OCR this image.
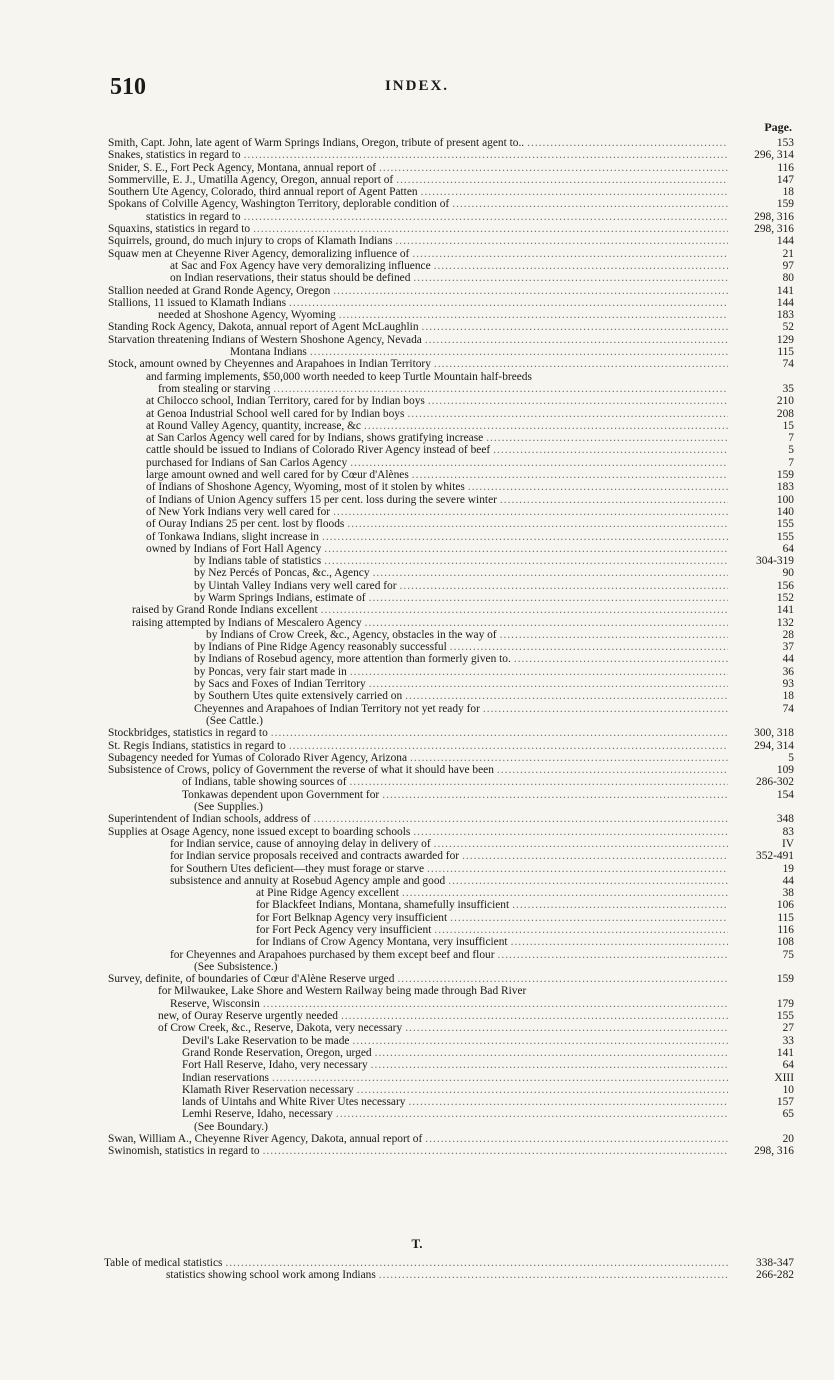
510	INDEX.
Page.
Smith, Capt. John, late agent of Warm Springs Indians, Oregon, tribute of present agent to.. .....	153
Snakes, statistics in regard to .....	296, 314
Snider, S. E., Fort Peck Agency, Montana, annual report of .....	116
Sommerville, E. J., Umatilla Agency, Oregon, annual report of .....	147
Southern Ute Agency, Colorado, third annual report of Agent Patten .....	18
Spokans of Colville Agency, Washington Territory, deplorable condition of .....	159
statistics in regard to .....	298, 316
Squaxins, statistics in regard to .....	298, 316
Squirrels, ground, do much injury to crops of Klamath Indians .....	144
Squaw men at Cheyenne River Agency, demoralizing influence of .....	21
at Sac and Fox Agency have very demoralizing influence .....	97
on Indian reservations, their status should be defined .....	80
Stallion needed at Grand Ronde Agency, Oregon .....	141
Stallions, 11 issued to Klamath Indians .....	144
needed at Shoshone Agency, Wyoming .....	183
Standing Rock Agency, Dakota, annual report of Agent McLaughlin .....	52
Starvation threatening Indians of Western Shoshone Agency, Nevada .....	129
Montana Indians .....	115
Stock, amount owned by Cheyennes and Arapahoes in Indian Territory .....	74
and farming implements, $50,000 worth needed to keep Turtle Mountain half-breeds
from stealing or starving .....	35
at Chilocco school, Indian Territory, cared for by Indian boys .....	210
at Genoa Industrial School well cared for by Indian boys .....	208
at Round Valley Agency, quantity, increase, &c .....	15
at San Carlos Agency well cared for by Indians, shows gratifying increase .....	7
cattle should be issued to Indians of Colorado River Agency instead of beef .....	5
purchased for Indians of San Carlos Agency .....	7
large amount owned and well cared for by Cœur d'Alènes .....	159
of Indians of Shoshone Agency, Wyoming, most of it stolen by whites .....	183
of Indians of Union Agency suffers 15 per cent. loss during the severe winter .....	100
of New York Indians very well cared for .....	140
of Ouray Indians 25 per cent. lost by floods .....	155
of Tonkawa Indians, slight increase in .....	155
owned by Indians of Fort Hall Agency .....	64
by Indians table of statistics .....	304-319
by Nez Percés of Poncas, &c., Agency .....	90
by Uintah Valley Indians very well cared for .....	156
by Warm Springs Indians, estimate of .....	152
raised by Grand Ronde Indians excellent .....	141
raising attempted by Indians of Mescalero Agency .....	132
by Indians of Crow Creek, &c., Agency, obstacles in the way of .....	28
by Indians of Pine Ridge Agency reasonably successful .....	37
by Indians of Rosebud agency, more attention than formerly given to. .....	44
by Poncas, very fair start made in .....	36
by Sacs and Foxes of Indian Territory .....	93
by Southern Utes quite extensively carried on .....	18
Cheyennes and Arapahoes of Indian Territory not yet ready for .....	74
(See Cattle.)
Stockbridges, statistics in regard to .....	300, 318
St. Regis Indians, statistics in regard to .....	294, 314
Subagency needed for Yumas of Colorado River Agency, Arizona .....	5
Subsistence of Crows, policy of Government the reverse of what it should have been .....	109
of Indians, table showing sources of .....	286-302
Tonkawas dependent upon Government for .....	154
(See Supplies.)
Superintendent of Indian schools, address of .....	348
Supplies at Osage Agency, none issued except to boarding schools .....	83
for Indian service, cause of annoying delay in delivery of .....	IV
for Indian service proposals received and contracts awarded for .....	352-491
for Southern Utes deficient—they must forage or starve .....	19
subsistence and annuity at Rosebud Agency ample and good .....	44
at Pine Ridge Agency excellent .....	38
for Blackfeet Indians, Montana, shamefully insufficient .....	106
for Fort Belknap Agency very insufficient .....	115
for Fort Peck Agency very insufficient .....	116
for Indians of Crow Agency Montana, very insufficient .....	108
for Cheyennes and Arapahoes purchased by them except beef and flour .....	75
(See Subsistence.)
Survey, definite, of boundaries of Cœur d'Alène Reserve urged .....	159
for Milwaukee, Lake Shore and Western Railway being made through Bad River
Reserve, Wisconsin .....	179
new, of Ouray Reserve urgently needed .....	155
of Crow Creek, &c., Reserve, Dakota, very necessary .....	27
Devil's Lake Reservation to be made .....	33
Grand Ronde Reservation, Oregon, urged .....	141
Fort Hall Reserve, Idaho, very necessary .....	64
Indian reservations .....	XIII
Klamath River Reservation necessary .....	10
lands of Uintahs and White River Utes necessary .....	157
Lemhi Reserve, Idaho, necessary .....	65
(See Boundary.)
Swan, William A., Cheyenne River Agency, Dakota, annual report of .....	20
Swinomish, statistics in regard to .....	298, 316
T.
Table of medical statistics .....	338-347
statistics showing school work among Indians .....	266-282
